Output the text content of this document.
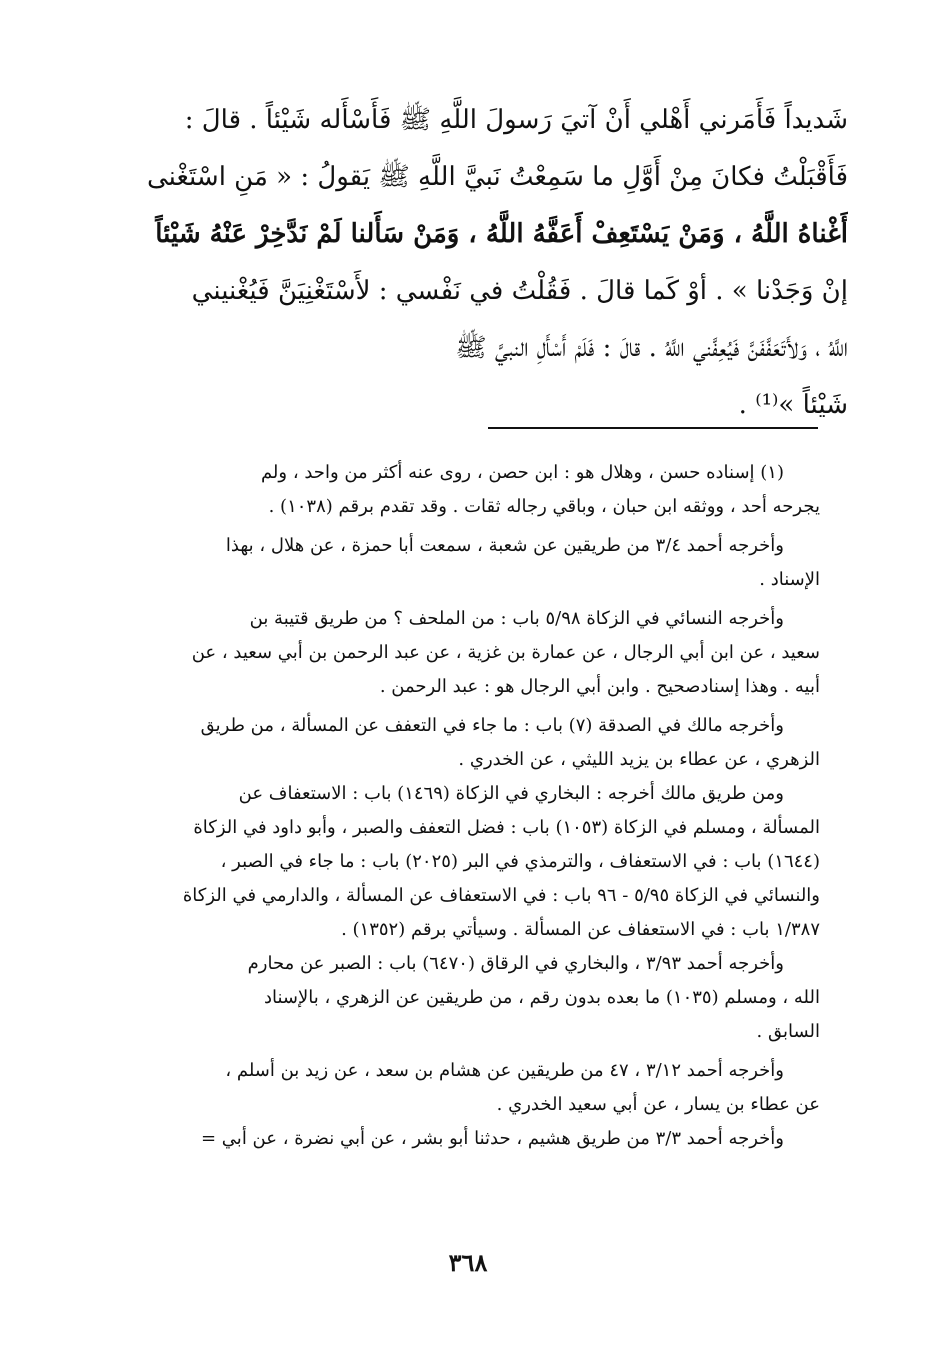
شَديداً فَأَمَرني أَهْلي أَنْ آتيَ رَسولَ اللَّهِ ﷺ فَأَسْأَله شَيْئاً . قالَ :
فَأَقْبَلْتُ فكانَ مِنْ أَوَّلِ ما سَمِعْتُ نَبيَّ اللَّهِ ﷺ يَقولُ : « مَنِ اسْتَغْنى
أَغْناهُ اللَّهُ ، وَمَنْ يَسْتَعِفْ أَعَفَّهُ اللَّهُ ، وَمَنْ سَأَلنا لَمْ نَدَّخِرْ عَنْهُ شَيْئاً
إنْ وَجَدْنا » . أوْ كَما قالَ . فَقُلْتُ في نَفْسي : لأَسْتَغْنِيَنَّ فَيُغْنيني
اللَّهُ ، وَلأَتَعَفَّفَنَّ فَيُعِفَّني اللَّهُ . قالَ : فَلَمْ أَسْأَلِ النبيَّ ﷺ
شَيْئاً »⁽¹⁾ .
(١) إسناده حسن ، وهلال هو : ابن حصن ، روى عنه أكثر من واحد ، ولم
يجرحه أحد ، ووثقه ابن حبان ، وباقي رجاله ثقات . وقد تقدم برقم (١٠٣٨) .
وأخرجه أحمد ٣/٤ من طريقين عن شعبة ، سمعت أبا حمزة ، عن هلال ، بهذا
الإسناد .
وأخرجه النسائي في الزكاة ٥/٩٨ باب : من الملحف ؟ من طريق قتيبة بن
سعيد ، عن ابن أبي الرجال ، عن عمارة بن غزية ، عن عبد الرحمن بن أبي سعيد ، عن
أبيه . وهذا إسنادصحيح . وابن أبي الرجال هو : عبد الرحمن .
وأخرجه مالك في الصدقة (٧) باب : ما جاء في التعفف عن المسألة ، من طريق
الزهري ، عن عطاء بن يزيد الليثي ، عن الخدري .
ومن طريق مالك أخرجه : البخاري في الزكاة (١٤٦٩) باب : الاستعفاف عن
المسألة ، ومسلم في الزكاة (١٠٥٣) باب : فضل التعفف والصبر ، وأبو داود في الزكاة
(١٦٤٤) باب : في الاستعفاف ، والترمذي في البر (٢٠٢٥) باب : ما جاء في الصبر ،
والنسائي في الزكاة ٥/٩٥ - ٩٦ باب : في الاستعفاف عن المسألة ، والدارمي في الزكاة
١/٣٨٧ باب : في الاستعفاف عن المسألة . وسيأتي برقم (١٣٥٢) .
وأخرجه أحمد ٣/٩٣ ، والبخاري في الرقاق (٦٤٧٠) باب : الصبر عن محارم
الله ، ومسلم (١٠٣٥) ما بعده بدون رقم ، من طريقين عن الزهري ، بالإسناد
السابق .
وأخرجه أحمد ٣/١٢ ، ٤٧ من طريقين عن هشام بن سعد ، عن زيد بن أسلم ،
عن عطاء بن يسار ، عن أبي سعيد الخدري .
وأخرجه أحمد ٣/٣ من طريق هشيم ، حدثنا أبو بشر ، عن أبي نضرة ، عن أبي =
٣٦٨
